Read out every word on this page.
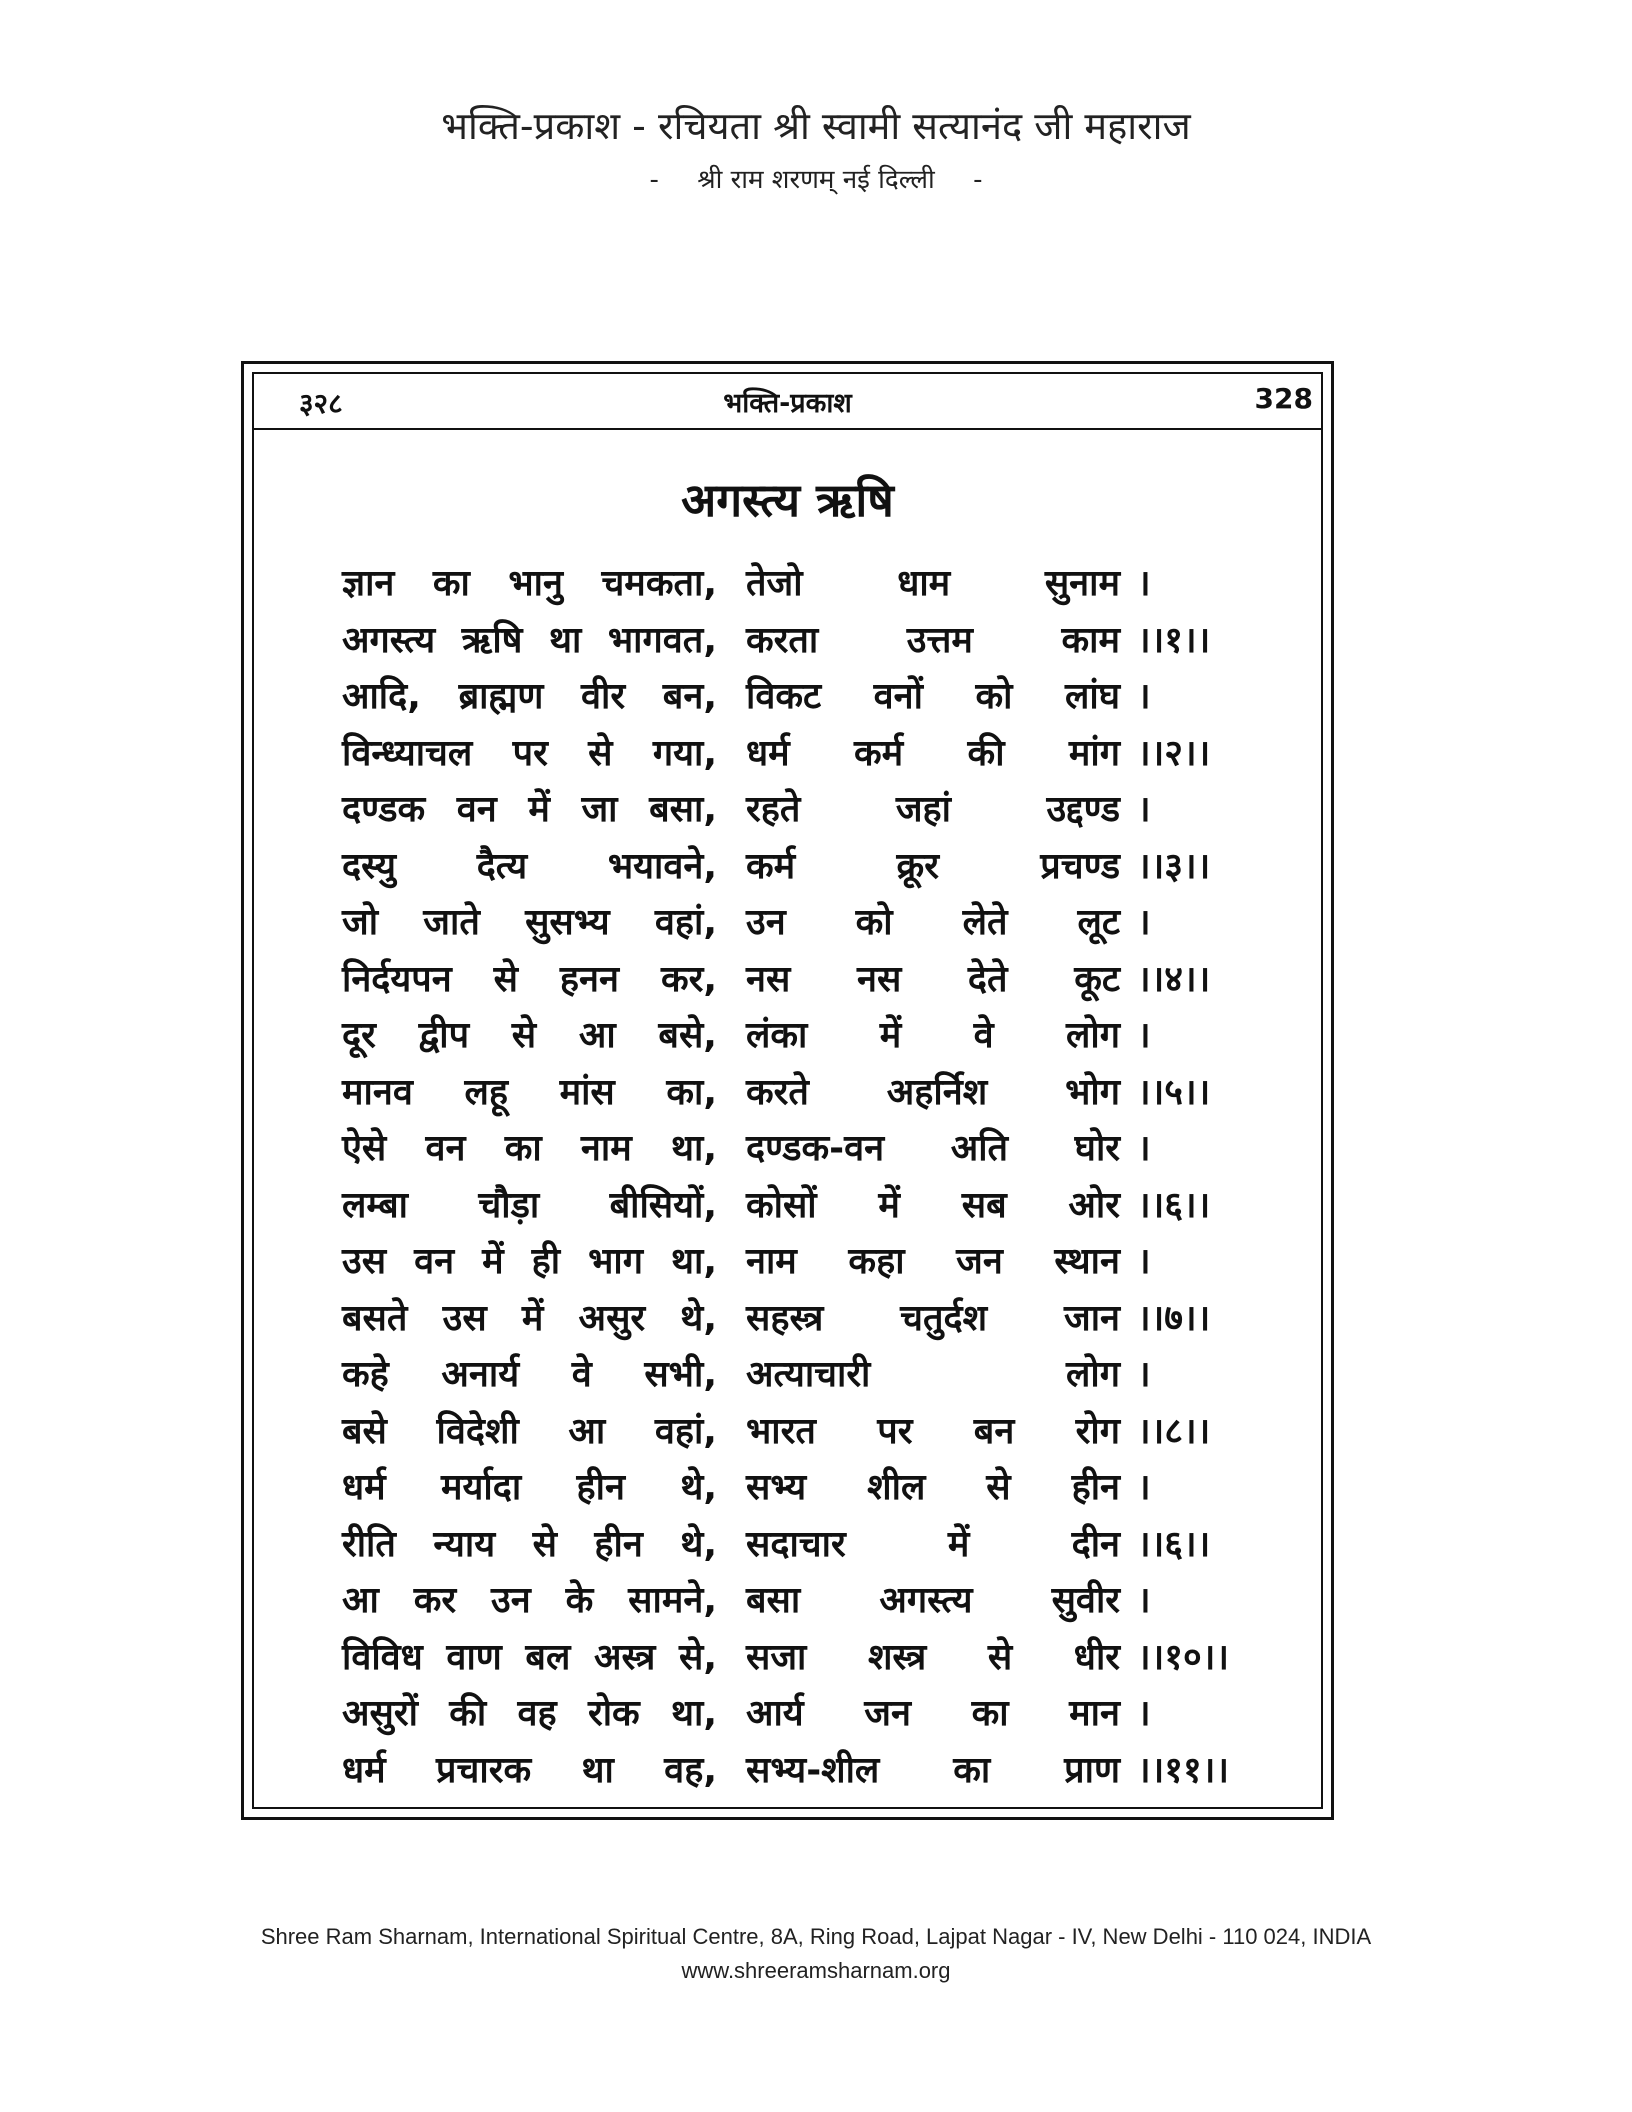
भक्ति-प्रकाश - रचियता श्री स्वामी सत्यानंद जी महाराज
- श्री राम शरणम् नई दिल्ली -
३२८	भक्ति-प्रकाश	328
अगस्त्य ऋषि
ज्ञान का भानु चमकता, तेजो धाम सुनाम ।
अगस्त्य ऋषि था भागवत, करता उत्तम काम ।।१।।
आदि, ब्राह्मण वीर बन, विकट वनों को लांघ ।
विन्ध्याचल पर से गया, धर्म कर्म की मांग ।।२।।
दण्डक वन में जा बसा, रहते जहां उद्दण्ड ।
दस्यु दैत्य भयावने, कर्म क्रूर प्रचण्ड ।।३।।
जो जाते सुसभ्य वहां, उन को लेते लूट ।
निर्दयपन से हनन कर, नस नस देते कूट ।।४।।
दूर द्वीप से आ बसे, लंका में वे लोग ।
मानव लहू मांस का, करते अहर्निश भोग ।।५।।
ऐसे वन का नाम था, दण्डक-वन अति घोर ।
लम्बा चौड़ा बीसियों, कोसों में सब ओर ।।६।।
उस वन में ही भाग था, नाम कहा जन स्थान ।
बसते उस में असुर थे, सहस्त्र चतुर्दश जान ।।७।।
कहे अनार्य वे सभी, अत्याचारी लोग ।
बसे विदेशी आ वहां, भारत पर बन रोग ।।८।।
धर्म मर्यादा हीन थे, सभ्य शील से हीन ।
रीति न्याय से हीन थे, सदाचार में दीन ।।६।।
आ कर उन के सामने, बसा अगस्त्य सुवीर ।
विविध वाण बल अस्त्र से, सजा शस्त्र से धीर ।।१०।।
असुरों की वह रोक था, आर्य जन का मान ।
धर्म प्रचारक था वह, सभ्य-शील का प्राण ।।११।।
Shree Ram Sharnam, International Spiritual Centre, 8A, Ring Road, Lajpat Nagar - IV, New Delhi - 110 024, INDIA
www.shreeramsharnam.org
